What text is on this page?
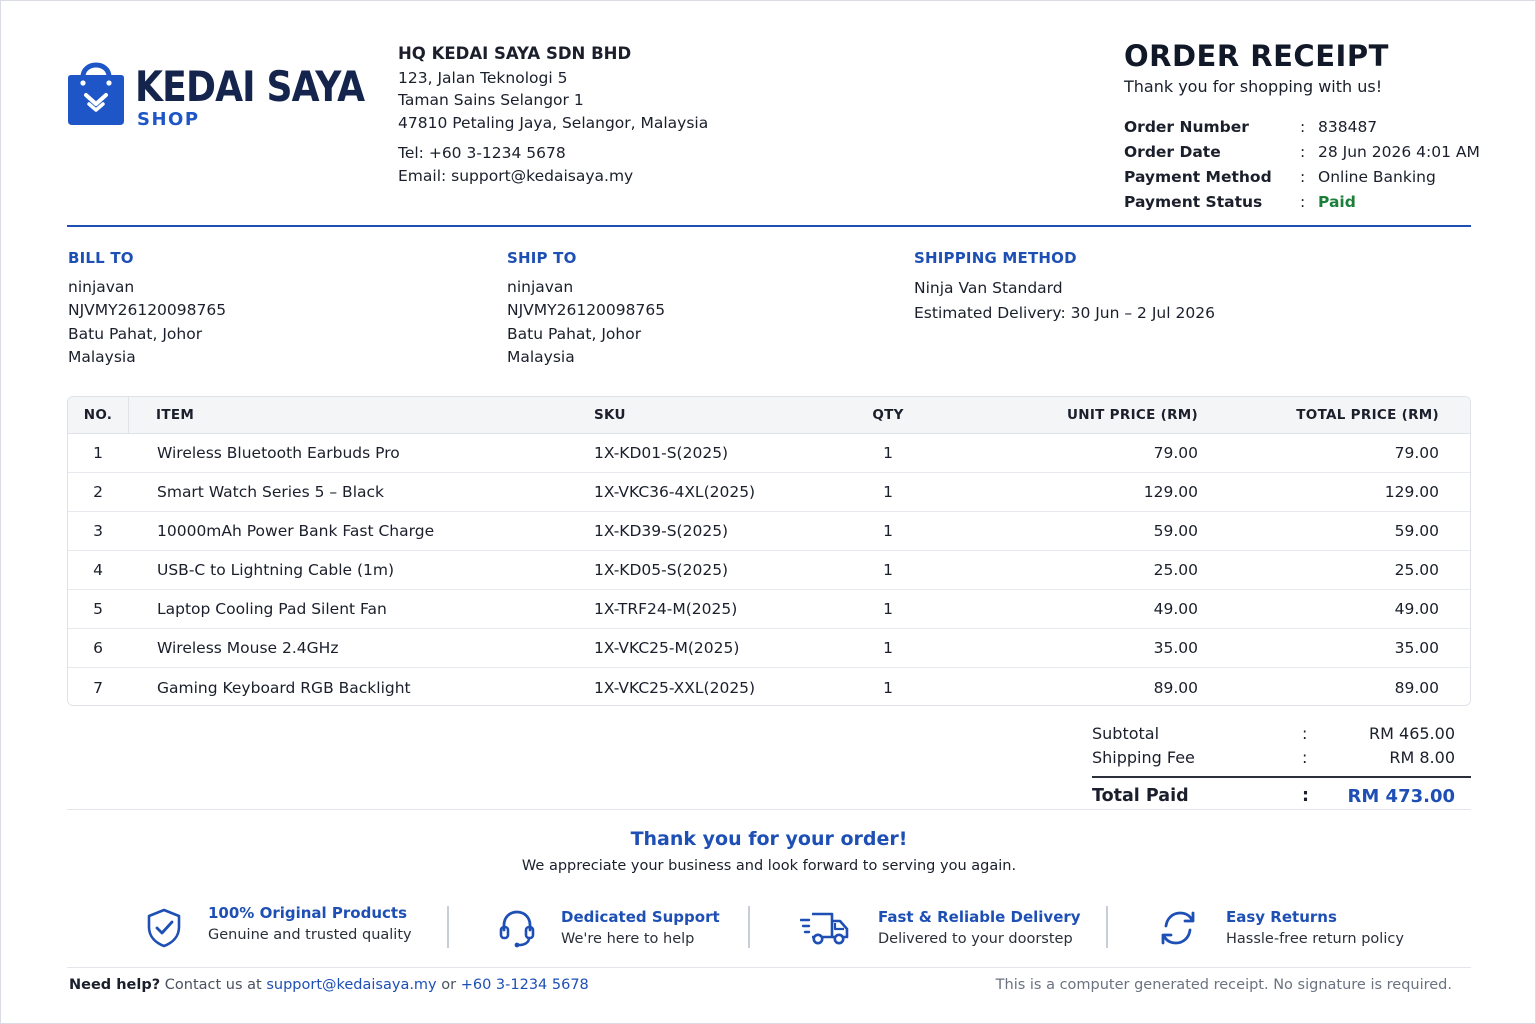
KEDAI SAYA
SHOP
HQ KEDAI SAYA SDN BHD
123, Jalan Teknologi 5
Taman Sains Selangor 1
47810 Petaling Jaya, Selangor, Malaysia
Tel: +60 3-1234 5678
Email: support@kedaisaya.my
ORDER RECEIPT
Thank you for shopping with us!
Order Number	: 838487
Order Date	: 28 Jun 2026 4:01 AM
Payment Method	: Online Banking
Payment Status	: Paid
BILL TO
ninjavan
NJVMY26120098765
Batu Pahat, Johor
Malaysia
SHIP TO
ninjavan
NJVMY26120098765
Batu Pahat, Johor
Malaysia
SHIPPING METHOD
Ninja Van Standard
Estimated Delivery: 30 Jun – 2 Jul 2026
NO.	ITEM	SKU	QTY	UNIT PRICE (RM)	TOTAL PRICE (RM)
1	Wireless Bluetooth Earbuds Pro	1X-KD01-S(2025)	1	79.00	79.00
2	Smart Watch Series 5 – Black	1X-VKC36-4XL(2025)	1	129.00	129.00
3	10000mAh Power Bank Fast Charge	1X-KD39-S(2025)	1	59.00	59.00
4	USB-C to Lightning Cable (1m)	1X-KD05-S(2025)	1	25.00	25.00
5	Laptop Cooling Pad Silent Fan	1X-TRF24-M(2025)	1	49.00	49.00
6	Wireless Mouse 2.4GHz	1X-VKC25-M(2025)	1	35.00	35.00
7	Gaming Keyboard RGB Backlight	1X-VKC25-XXL(2025)	1	89.00	89.00
Subtotal	:	RM 465.00
Shipping Fee	:	RM 8.00
Total Paid	:	RM 473.00
Thank you for your order!
We appreciate your business and look forward to serving you again.
100% Original Products
Genuine and trusted quality
Dedicated Support
We're here to help
Fast & Reliable Delivery
Delivered to your doorstep
Easy Returns
Hassle-free return policy
Need help? Contact us at support@kedaisaya.my or +60 3-1234 5678	This is a computer generated receipt. No signature is required.
